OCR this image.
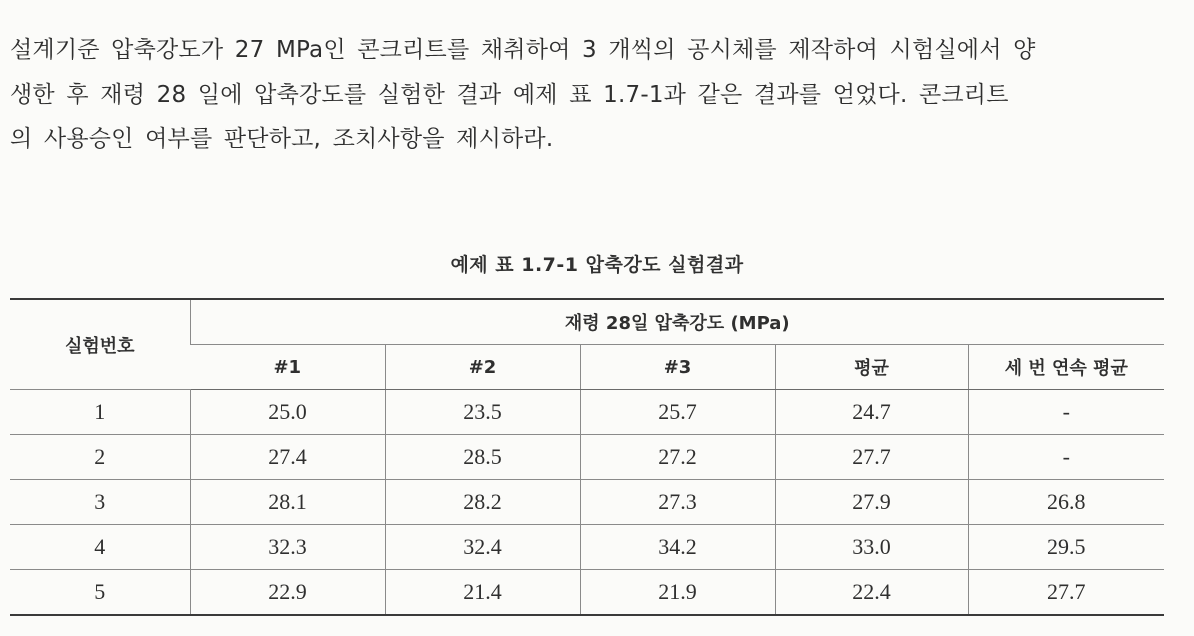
설계기준 압축강도가 27 MPa인 콘크리트를 채취하여 3 개씩의 공시체를 제작하여 시험실에서 양
생한 후 재령 28 일에 압축강도를 실험한 결과 예제 표 1.7-1과 같은 결과를 얻었다. 콘크리트
의 사용승인 여부를 판단하고, 조치사항을 제시하라.
예제 표 1.7-1 압축강도 실험결과
실험번호	재령 28일 압축강도 (MPa)				
	#1	#2	#3	평균	세 번 연속 평균
1	25.0	23.5	25.7	24.7	-
2	27.4	28.5	27.2	27.7	-
3	28.1	28.2	27.3	27.9	26.8
4	32.3	32.4	34.2	33.0	29.5
5	22.9	21.4	21.9	22.4	27.7
